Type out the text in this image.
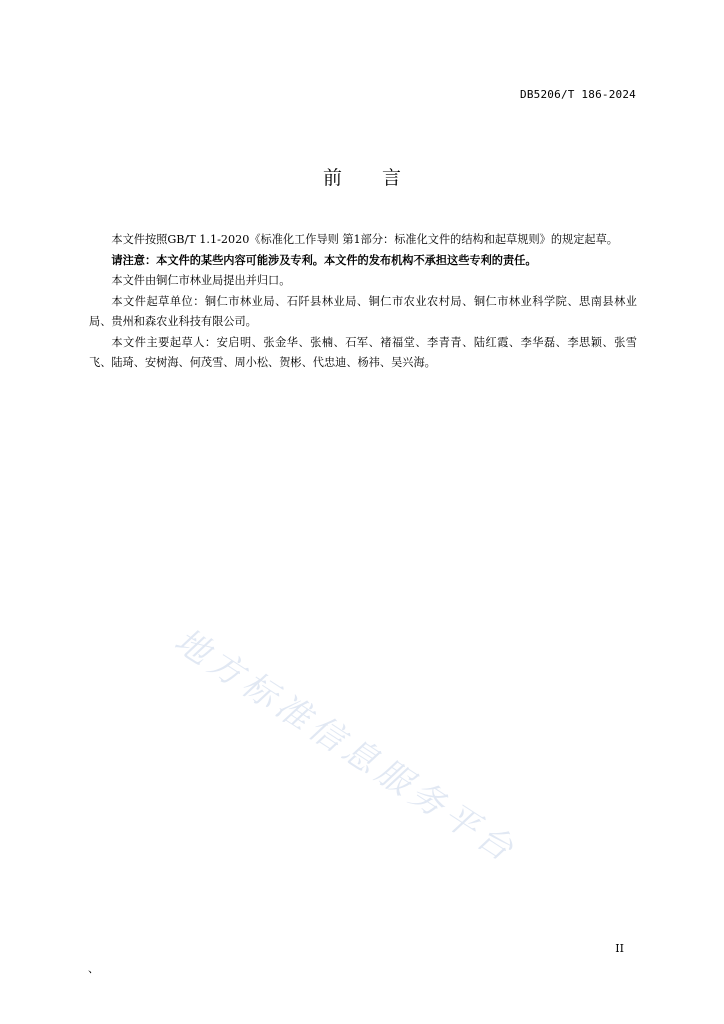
DB5206/T 186-2024
前 言

本文件按照GB/T 1.1-2020《标准化工作导则 第1部分：标准化文件的结构和起草规则》的规定起草。

请注意：本文件的某些内容可能涉及专利。本文件的发布机构不承担这些专利的责任。

本文件由铜仁市林业局提出并归口。

本文件起草单位：铜仁市林业局、石阡县林业局、铜仁市农业农村局、铜仁市林业科学院、思南县林业局、贵州和森农业科技有限公司。

本文件主要起草人：安启明、张金华、张楠、石军、褚福堂、李青青、陆红霞、李华磊、李思颖、张雪飞、陆琦、安树海、何茂雪、周小松、贺彬、代忠迪、杨祎、吴兴海。

地方标准信息服务平台
II
、
